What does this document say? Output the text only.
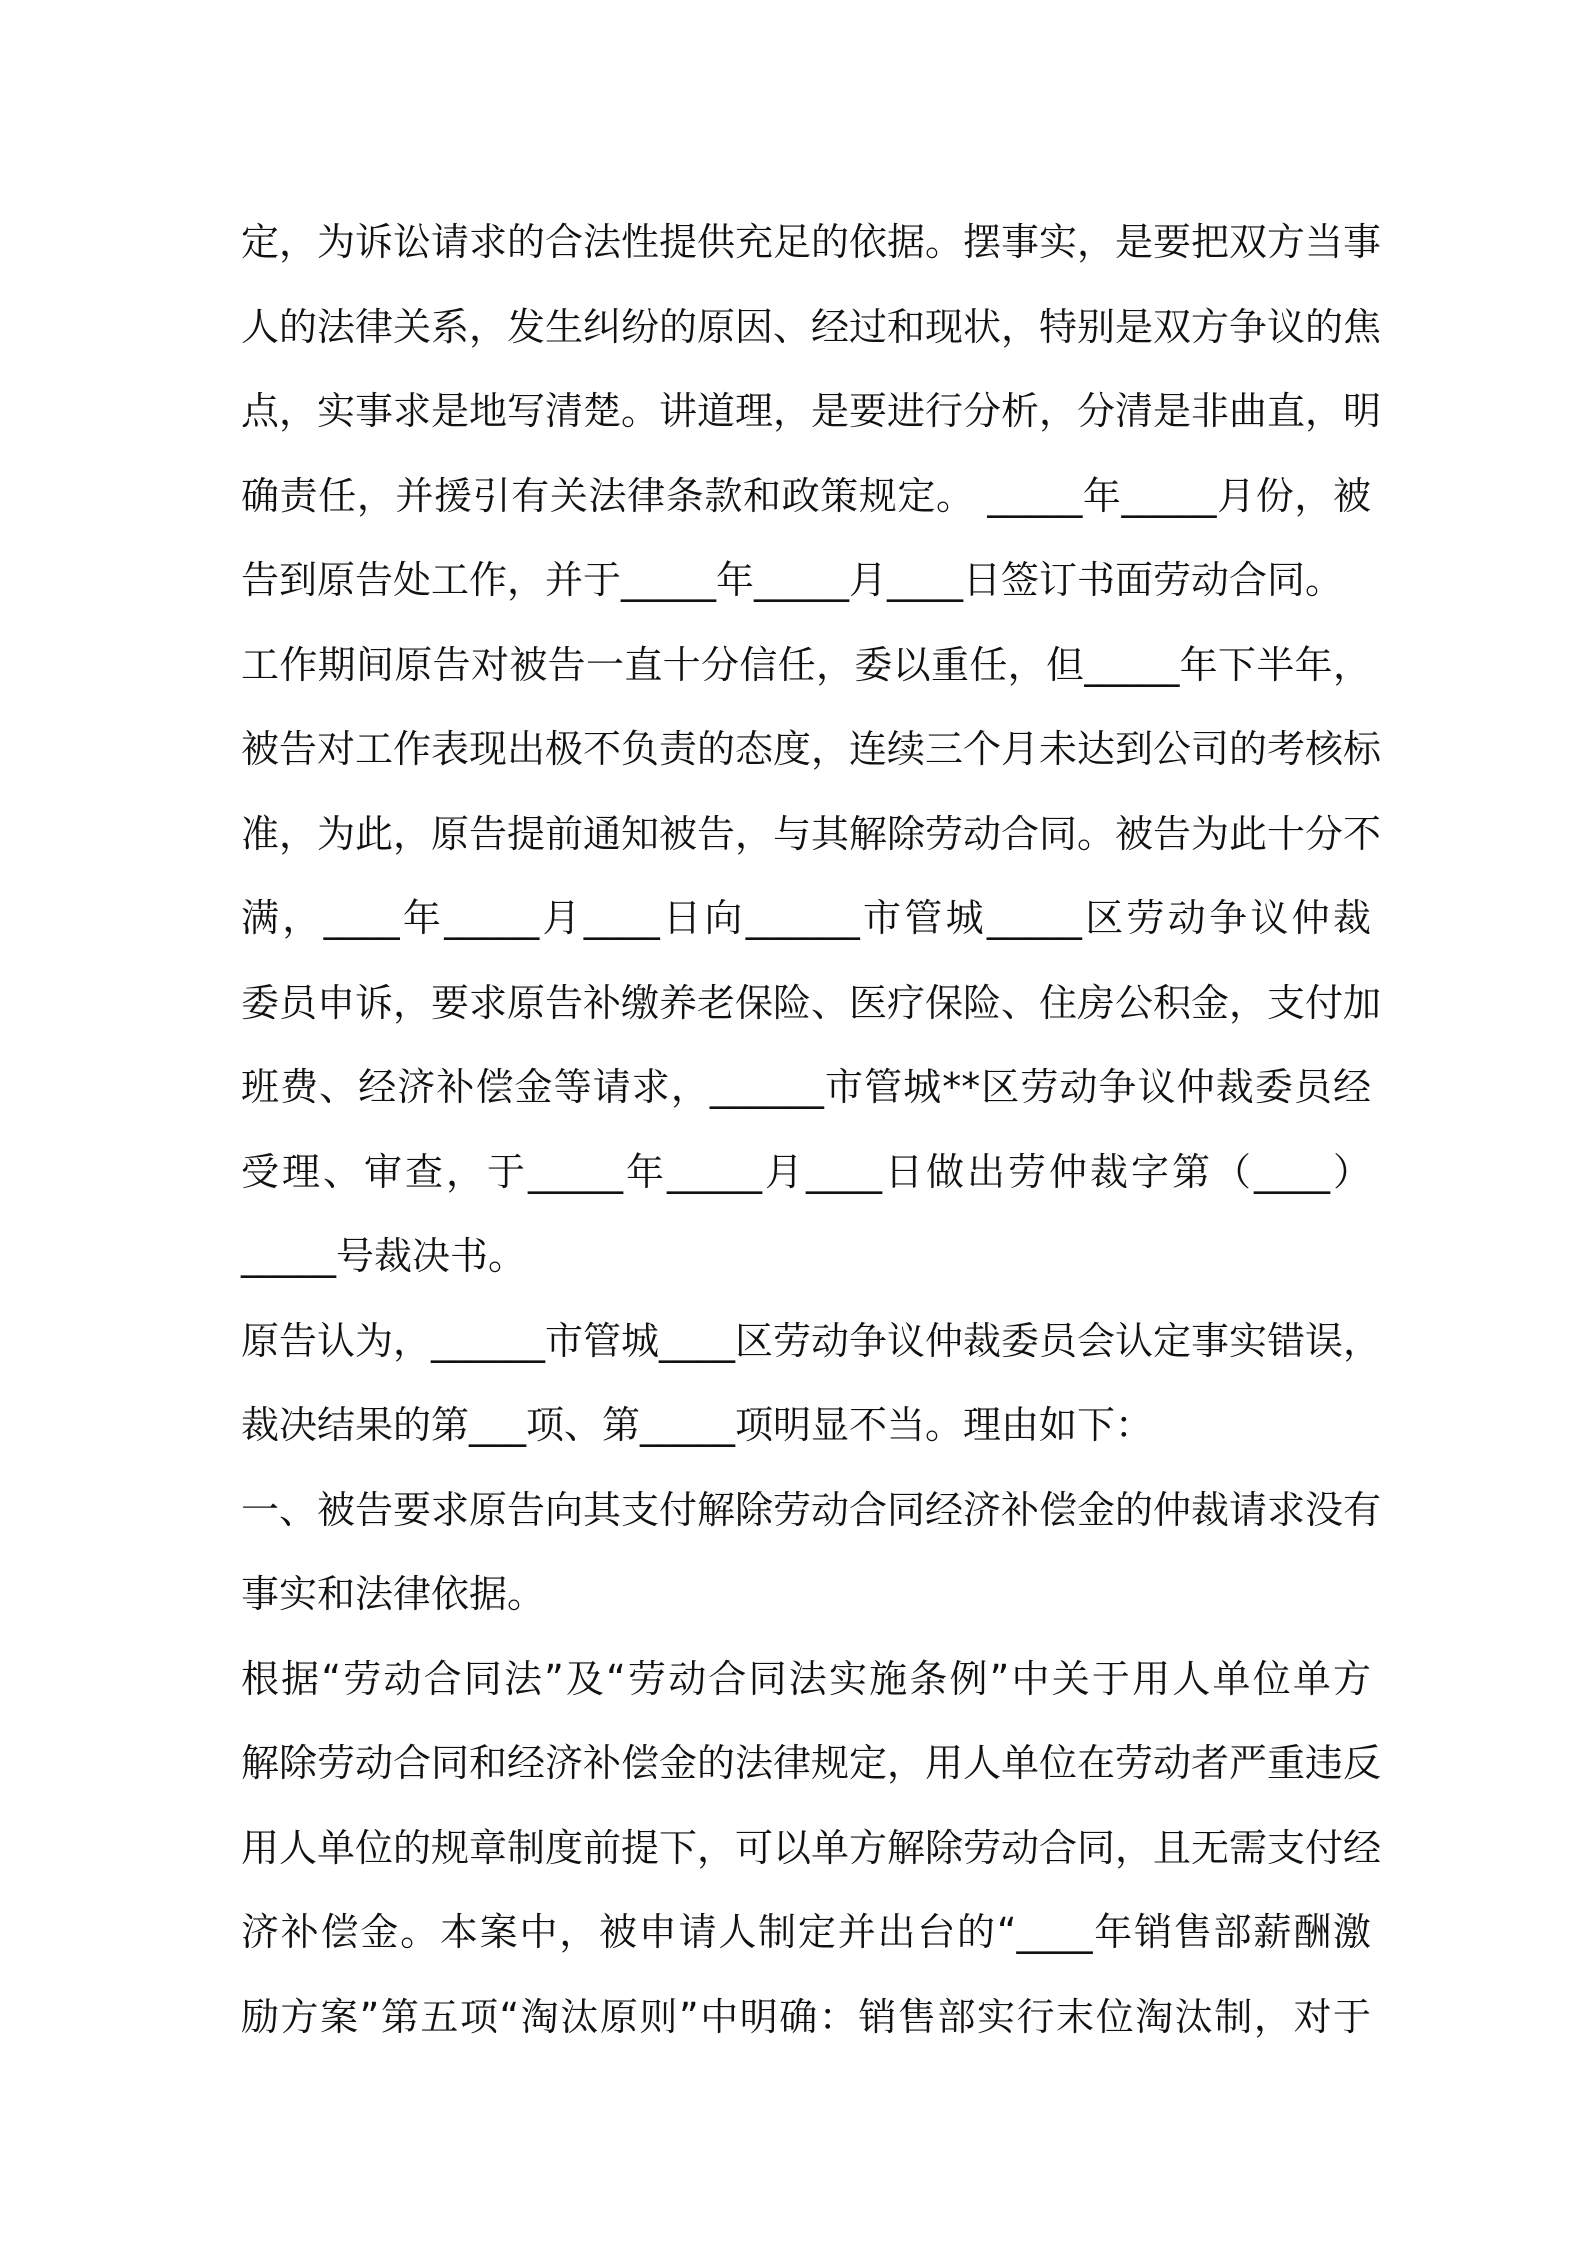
定，为诉讼请求的合法性提供充足的依据。摆事实，是要把双方当事
人的法律关系，发生纠纷的原因、经过和现状，特别是双方争议的焦
点，实事求是地写清楚。讲道理，是要进行分析，分清是非曲直，明
确责任，并援引有关法律条款和政策规定。 _____年_____月份，被
告到原告处工作，并于_____年_____月____日签订书面劳动合同。
工作期间原告对被告一直十分信任，委以重任，但_____年下半年，
被告对工作表现出极不负责的态度，连续三个月未达到公司的考核标
准，为此，原告提前通知被告，与其解除劳动合同。被告为此十分不
满，____年_____月____日向______市管城_____区劳动争议仲裁
委员申诉，要求原告补缴养老保险、医疗保险、住房公积金，支付加
班费、经济补偿金等请求，______市管城**区劳动争议仲裁委员经
受理、审查，于_____年_____月____日做出劳仲裁字第（____）
_____号裁决书。
原告认为，______市管城____区劳动争议仲裁委员会认定事实错误，
裁决结果的第___项、第_____项明显不当。理由如下：
一、被告要求原告向其支付解除劳动合同经济补偿金的仲裁请求没有
事实和法律依据。
根据“劳动合同法”及“劳动合同法实施条例”中关于用人单位单方
解除劳动合同和经济补偿金的法律规定，用人单位在劳动者严重违反
用人单位的规章制度前提下，可以单方解除劳动合同，且无需支付经
济补偿金。本案中，被申请人制定并出台的“____年销售部薪酬激
励方案”第五项“淘汰原则”中明确：销售部实行末位淘汰制，对于
